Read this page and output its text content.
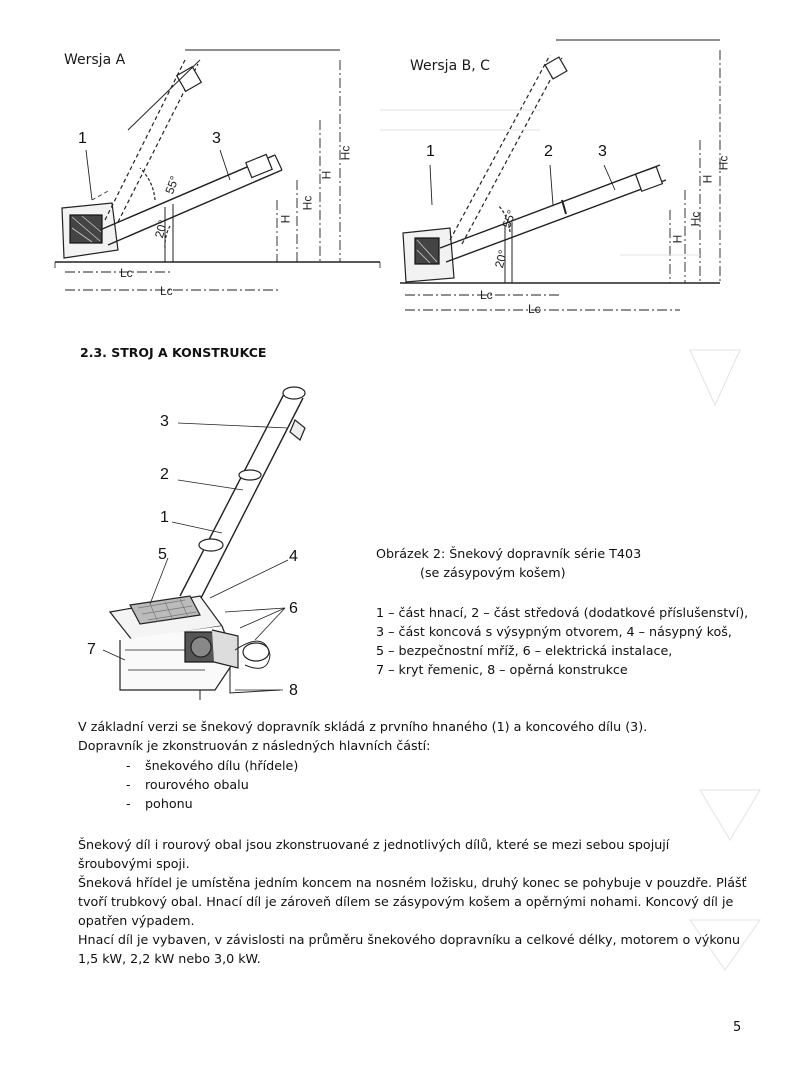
Wersja A
1	3
55°
20°
Lc
Lc
H
Hc
H
Hc
Wersja B, C
1	2	3
55°
20°
Lc
Lc
H
Hc
H
Hc
2.3. STROJ A KONSTRUKCE
3
2
1
5	4
6
7
8
Obrázek 2: Šnekový dopravník série T403
(se zásypovým košem)
1 – část hnací, 2 – část středová (dodatkové příslušenství),
3 – část koncová s výsypným otvorem, 4 – násypný koš,
5 – bezpečnostní mříž, 6 – elektrická instalace,
7 – kryt řemenic, 8 – opěrná konstrukce
V základní verzi se šnekový dopravník skládá z prvního hnaného (1) a koncového dílu (3).
Dopravník je zkonstruován z následných hlavních částí:
- šnekového dílu (hřídele)
- rourového obalu
- pohonu
Šnekový díl i rourový obal jsou zkonstruované z jednotlivých dílů, které se mezi sebou spojují
šroubovými spoji.
Šneková hřídel je umístěna jedním koncem na nosném ložisku, druhý konec se pohybuje v pouzdře. Plášť
tvoří trubkový obal. Hnací díl je zároveň dílem se zásypovým košem a opěrnými nohami. Koncový díl je
opatřen výpadem.
Hnací díl je vybaven, v závislosti na průměru šnekového dopravníku a celkové délky, motorem o výkonu
1,5 kW, 2,2 kW nebo 3,0 kW.
5
